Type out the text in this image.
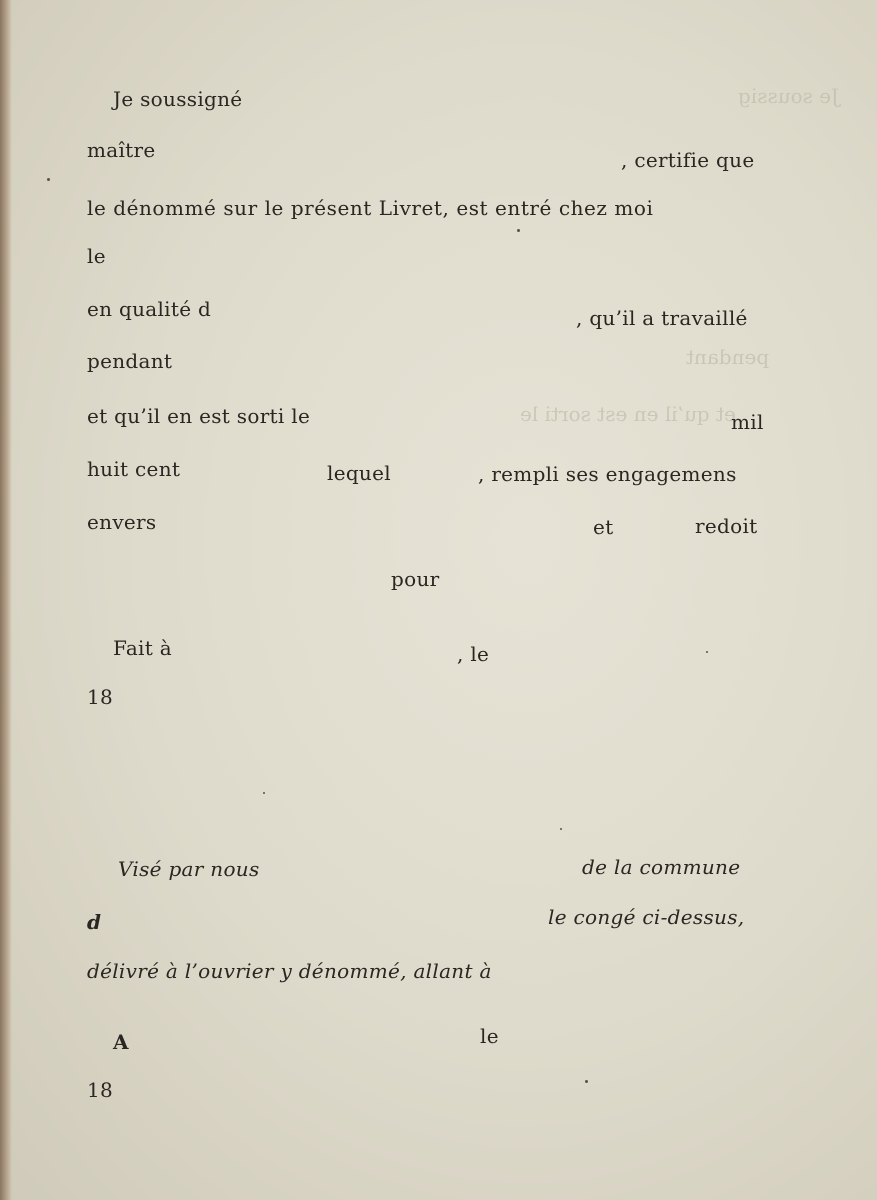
Je soussig
pendant
et qu’il en est sorti le
Je soussigné
maître	, certifie que
le dénommé sur le présent Livret, est entré chez moi
le
en qualité d	, qu’il a travaillé
pendant
et qu’il en est sorti le	mil
huit cent	lequel	, rempli ses engagemens
envers	et	redoit
pour
Fait à	, le
18
Visé par nous	de la commune
d	le congé ci-dessus,
délivré à l’ouvrier y dénommé, allant à
A	le
18
